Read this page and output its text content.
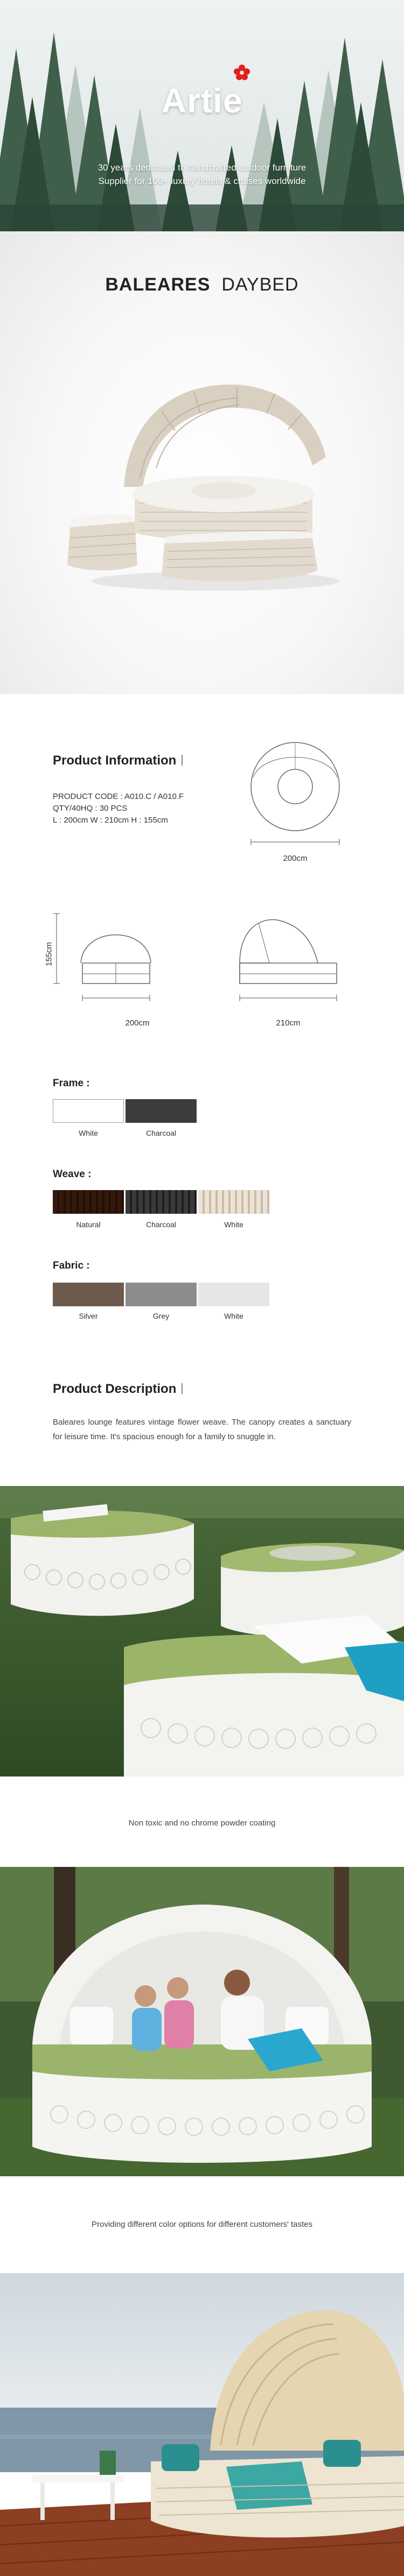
Artie
30 years dedicated to handcrafted outdoor furniture
Supplier for 100+ luxury hotels & cruises worldwide
BALEARES DAYBED
Product Information
PRODUCT CODE : A010.C / A010.F
QTY/40HQ : 30 PCS
L : 200cm W : 210cm H : 155cm
200cm
155cm
200cm	210cm
Frame :
White	Charcoal
Weave :
Natural	Charcoal	White
Fabric :
Silver	Grey	White
Product Description
Baleares lounge features vintage flower weave. The canopy creates a sanctuary for leisure time. It's spacious enough for a family to snuggle in.
Non toxic and no chrome powder coating
Providing different color options for different customers' tastes
